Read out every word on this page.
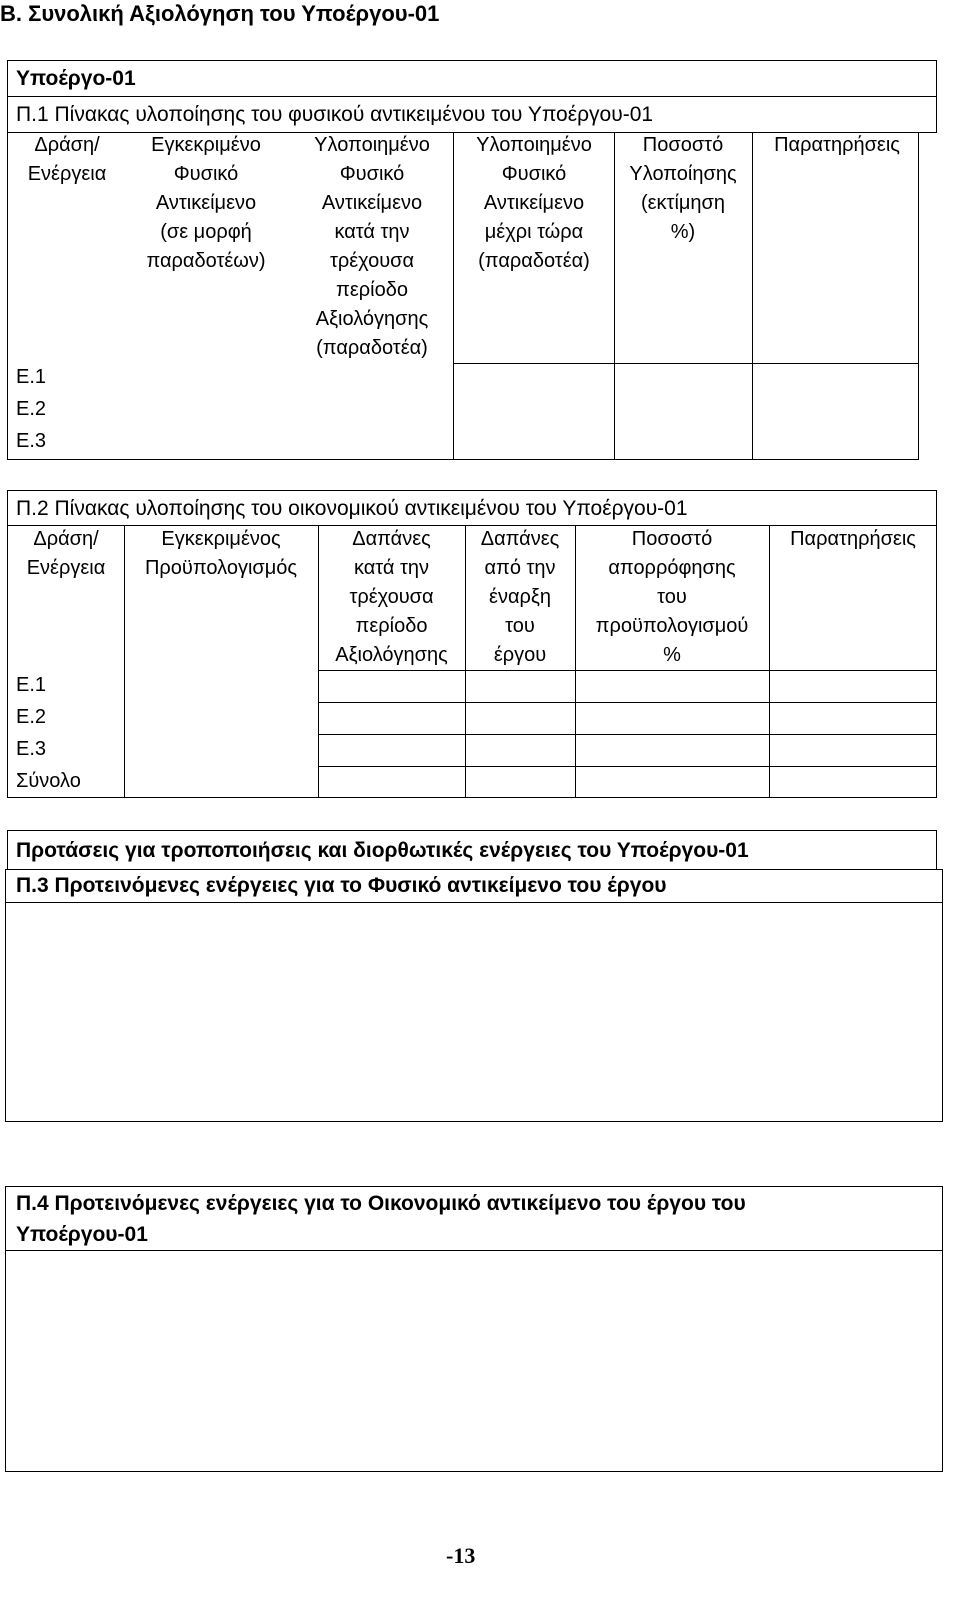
Β. Συνολική Αξιολόγηση του Υποέργου-01
Υποέργο-01
Π.1 Πίνακας υλοποίησης του φυσικού αντικειμένου του Υποέργου-01
Δράση/
Ενέργεια
Εγκεκριμένο
Φυσικό
Αντικείμενο
(σε μορφή
παραδοτέων)
Υλοποιημένο
Φυσικό
Αντικείμενο
κατά την
τρέχουσα
περίοδο
Αξιολόγησης
(παραδοτέα)
Υλοποιημένο
Φυσικό
Αντικείμενο
μέχρι τώρα
(παραδοτέα)
Ποσοστό
Υλοποίησης
(εκτίμηση
%)
Παρατηρήσεις
Ε.1
Ε.2
Ε.3
Π.2 Πίνακας υλοποίησης του οικονομικού αντικειμένου του Υποέργου-01
Δράση/
Ενέργεια
Εγκεκριμένος
Προϋπολογισμός
Δαπάνες
κατά την
τρέχουσα
περίοδο
Αξιολόγησης
Δαπάνες
από την
έναρξη
του
έργου
Ποσοστό
απορρόφησης
του
προϋπολογισμού
%
Παρατηρήσεις
Ε.1
Ε.2
Ε.3
Σύνολο
Προτάσεις για τροποποιήσεις και διορθωτικές ενέργειες του Υποέργου-01
Π.3 Προτεινόμενες ενέργειες για το Φυσικό αντικείμενο του έργου
Π.4 Προτεινόμενες ενέργειες για το Οικονομικό αντικείμενο του έργου του
Υποέργου-01
-13
